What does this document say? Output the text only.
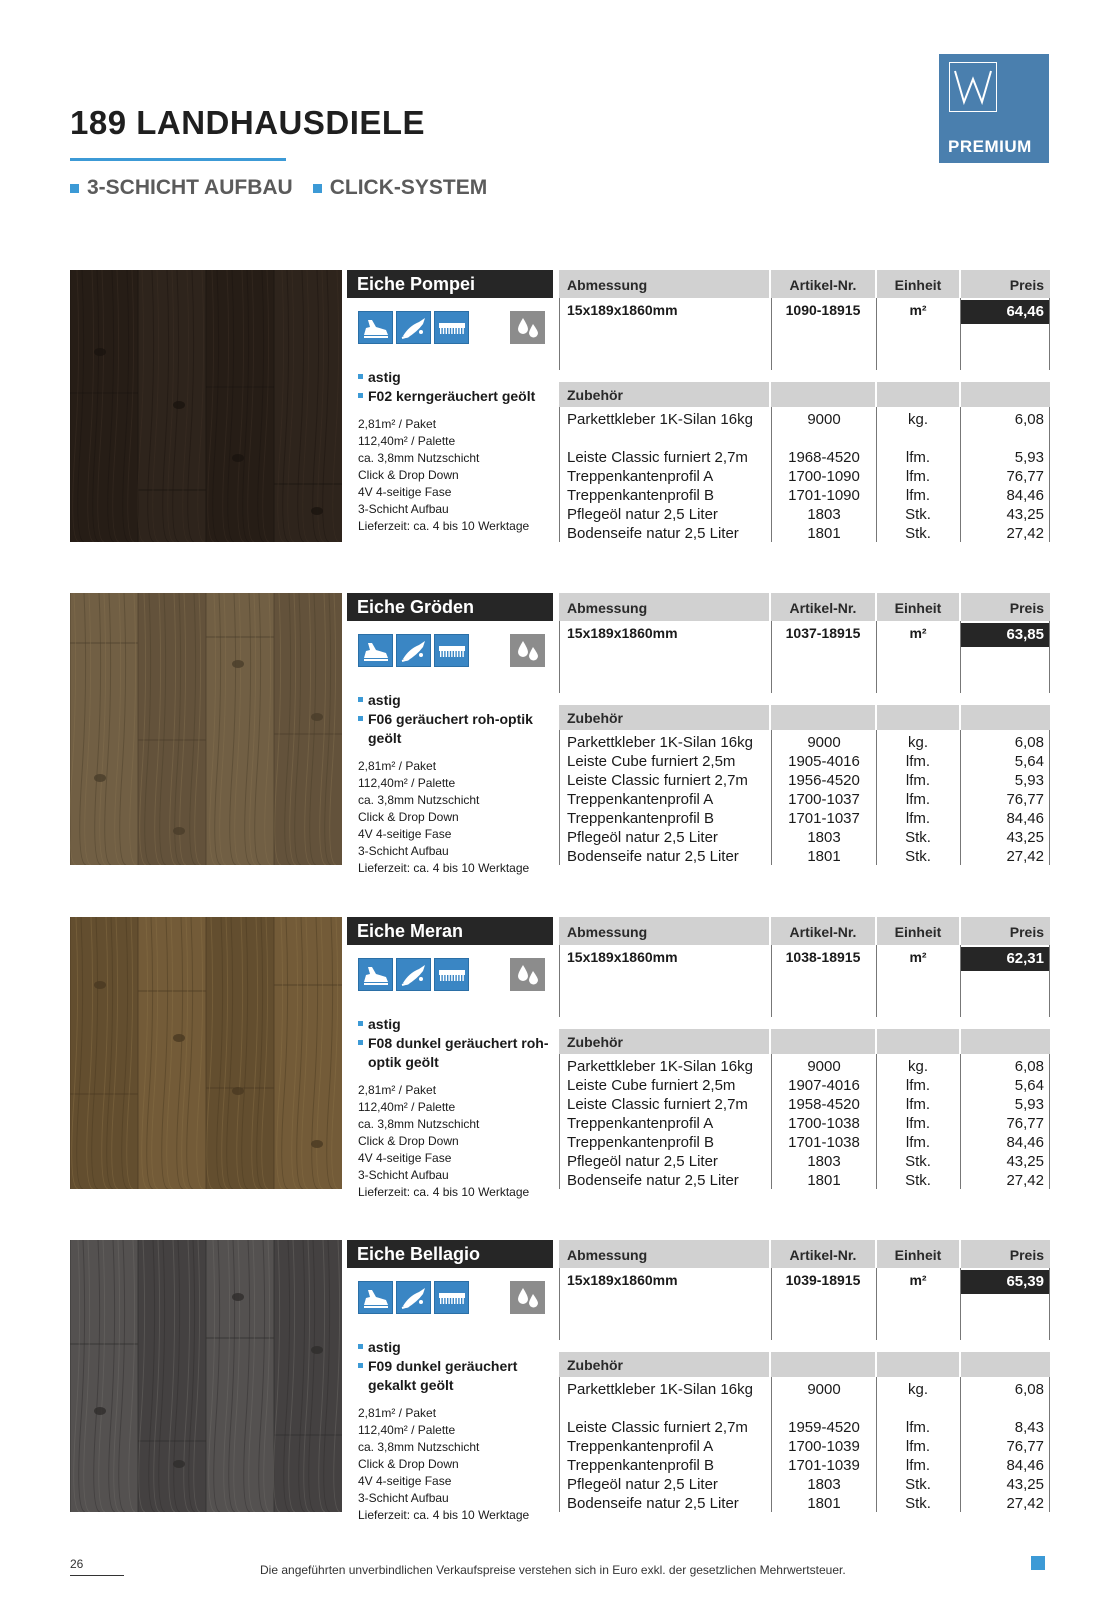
189 LANDHAUSDIELE
3-SCHICHT AUFBAU CLICK-SYSTEM
PREMIUM
Eiche Pompei
astig
F02 kerngeräuchert geölt
2,81m² / Paket
112,40m² / Palette
ca. 3,8mm Nutzschicht
Click & Drop Down
4V 4-seitige Fase
3-Schicht Aufbau
Lieferzeit: ca. 4 bis 10 Werktage
Abmessung	Artikel-Nr.	Einheit	Preis
15x189x1860mm	1090-18915	m²	64,46
Zubehör
Parkettkleber 1K-Silan 16kg	9000	kg.	6,08
Leiste Classic furniert 2,7m	1968-4520	lfm.	5,93
Treppenkantenprofil A	1700-1090	lfm.	76,77
Treppenkantenprofil B	1701-1090	lfm.	84,46
Pflegeöl natur 2,5 Liter	1803	Stk.	43,25
Bodenseife natur 2,5 Liter	1801	Stk.	27,42
Eiche Gröden
astig
F06 geräuchert roh-optik geölt
2,81m² / Paket
112,40m² / Palette
ca. 3,8mm Nutzschicht
Click & Drop Down
4V 4-seitige Fase
3-Schicht Aufbau
Lieferzeit: ca. 4 bis 10 Werktage
Abmessung	Artikel-Nr.	Einheit	Preis
15x189x1860mm	1037-18915	m²	63,85
Zubehör
Parkettkleber 1K-Silan 16kg	9000	kg.	6,08
Leiste Cube furniert 2,5m	1905-4016	lfm.	5,64
Leiste Classic furniert 2,7m	1956-4520	lfm.	5,93
Treppenkantenprofil A	1700-1037	lfm.	76,77
Treppenkantenprofil B	1701-1037	lfm.	84,46
Pflegeöl natur 2,5 Liter	1803	Stk.	43,25
Bodenseife natur 2,5 Liter	1801	Stk.	27,42
Eiche Meran
astig
F08 dunkel geräuchert roh-optik geölt
2,81m² / Paket
112,40m² / Palette
ca. 3,8mm Nutzschicht
Click & Drop Down
4V 4-seitige Fase
3-Schicht Aufbau
Lieferzeit: ca. 4 bis 10 Werktage
Abmessung	Artikel-Nr.	Einheit	Preis
15x189x1860mm	1038-18915	m²	62,31
Zubehör
Parkettkleber 1K-Silan 16kg	9000	kg.	6,08
Leiste Cube furniert 2,5m	1907-4016	lfm.	5,64
Leiste Classic furniert 2,7m	1958-4520	lfm.	5,93
Treppenkantenprofil A	1700-1038	lfm.	76,77
Treppenkantenprofil B	1701-1038	lfm.	84,46
Pflegeöl natur 2,5 Liter	1803	Stk.	43,25
Bodenseife natur 2,5 Liter	1801	Stk.	27,42
Eiche Bellagio
astig
F09 dunkel geräuchert gekalkt geölt
2,81m² / Paket
112,40m² / Palette
ca. 3,8mm Nutzschicht
Click & Drop Down
4V 4-seitige Fase
3-Schicht Aufbau
Lieferzeit: ca. 4 bis 10 Werktage
Abmessung	Artikel-Nr.	Einheit	Preis
15x189x1860mm	1039-18915	m²	65,39
Zubehör
Parkettkleber 1K-Silan 16kg	9000	kg.	6,08
Leiste Classic furniert 2,7m	1959-4520	lfm.	8,43
Treppenkantenprofil A	1700-1039	lfm.	76,77
Treppenkantenprofil B	1701-1039	lfm.	84,46
Pflegeöl natur 2,5 Liter	1803	Stk.	43,25
Bodenseife natur 2,5 Liter	1801	Stk.	27,42
26	Die angeführten unverbindlichen Verkaufspreise verstehen sich in Euro exkl. der gesetzlichen Mehrwertsteuer.
